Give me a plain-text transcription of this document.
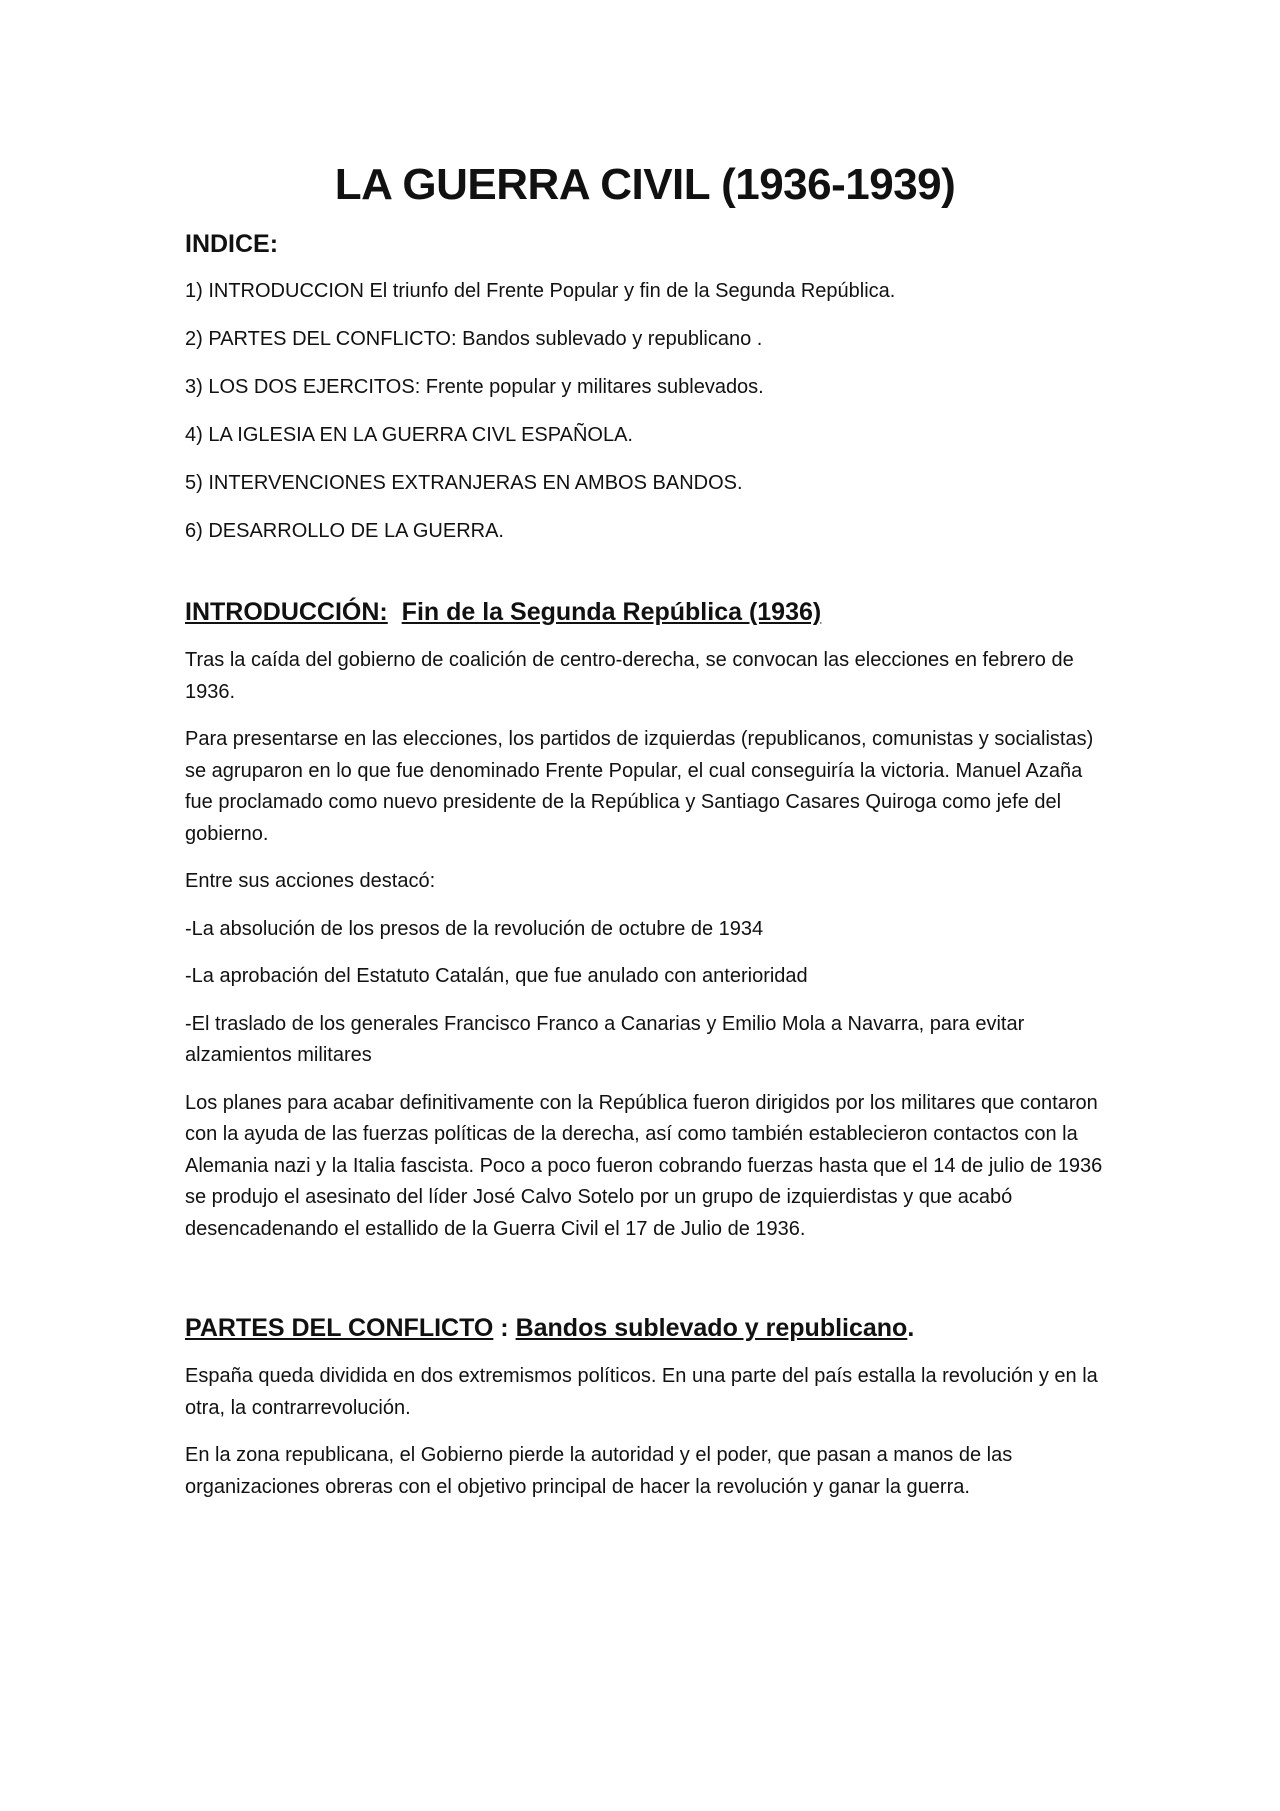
LA GUERRA CIVIL (1936-1939)
INDICE:
1) INTRODUCCION El triunfo del Frente Popular y fin de la Segunda República.
2) PARTES DEL CONFLICTO: Bandos sublevado y republicano .
3) LOS DOS EJERCITOS: Frente popular y militares sublevados.
4) LA IGLESIA EN LA GUERRA CIVL ESPAÑOLA.
5) INTERVENCIONES EXTRANJERAS EN AMBOS BANDOS.
6) DESARROLLO DE LA GUERRA.
INTRODUCCIÓN: Fin de la Segunda República (1936)

Tras la caída del gobierno de coalición de centro-derecha, se convocan las elecciones en febrero de 1936.

Para presentarse en las elecciones, los partidos de izquierdas (republicanos, comunistas y socialistas) se agruparon en lo que fue denominado Frente Popular, el cual conseguiría la victoria. Manuel Azaña fue proclamado como nuevo presidente de la República y Santiago Casares Quiroga como jefe del gobierno.

Entre sus acciones destacó:

-La absolución de los presos de la revolución de octubre de 1934

-La aprobación del Estatuto Catalán, que fue anulado con anterioridad

-El traslado de los generales Francisco Franco a Canarias y Emilio Mola a Navarra, para evitar alzamientos militares

Los planes para acabar definitivamente con la República fueron dirigidos por los militares que contaron con la ayuda de las fuerzas políticas de la derecha, así como también establecieron contactos con la Alemania nazi y la Italia fascista. Poco a poco fueron cobrando fuerzas hasta que el 14 de julio de 1936 se produjo el asesinato del líder José Calvo Sotelo por un grupo de izquierdistas y que acabó desencadenando el estallido de la Guerra Civil el 17 de Julio de 1936.

PARTES DEL CONFLICTO : Bandos sublevado y republicano.

España queda dividida en dos extremismos políticos. En una parte del país estalla la revolución y en la otra, la contrarrevolución.

En la zona republicana, el Gobierno pierde la autoridad y el poder, que pasan a manos de las organizaciones obreras con el objetivo principal de hacer la revolución y ganar la guerra.
